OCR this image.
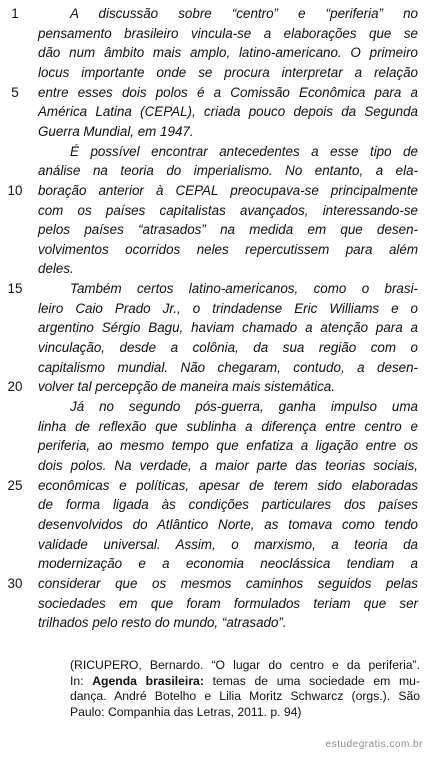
1	A discussão sobre “centro” e “periferia” no
pensamento brasileiro vincula-se a elaborações que se
dão num âmbito mais amplo, latino-americano. O primeiro
locus importante onde se procura interpretar a relação
5	entre esses dois polos é a Comissão Econômica para a
América Latina (CEPAL), criada pouco depois da Segunda
Guerra Mundial, em 1947.
É possível encontrar antecedentes a esse tipo de
análise na teoria do imperialismo. No entanto, a ela-
10	boração anterior à CEPAL preocupava-se principalmente
com os países capitalistas avançados, interessando-se
pelos países “atrasados” na medida em que desen-
volvimentos ocorridos neles repercutissem para além
deles.
15	Também certos latino-americanos, como o brasi-
leiro Caio Prado Jr., o trindadense Eric Williams e o
argentino Sérgio Bagu, haviam chamado a atenção para a
vinculação, desde a colônia, da sua região com o
capitalismo mundial. Não chegaram, contudo, a desen-
20	volver tal percepção de maneira mais sistemática.
Já no segundo pós-guerra, ganha impulso uma
linha de reflexão que sublinha a diferença entre centro e
periferia, ao mesmo tempo que enfatiza a ligação entre os
dois polos. Na verdade, a maior parte das teorias sociais,
25	econômicas e políticas, apesar de terem sido elaboradas
de forma ligada às condições particulares dos países
desenvolvidos do Atlântico Norte, as tomava como tendo
validade universal. Assim, o marxismo, a teoria da
modernização e a economia neoclássica tendiam a
30	considerar que os mesmos caminhos seguidos pelas
sociedades em que foram formulados teriam que ser
trilhados pelo resto do mundo, “atrasado”.
(RICUPERO, Bernardo. “O lugar do centro e da periferia”.
In: Agenda brasileira: temas de uma sociedade em mu-
dança. André Botelho e Lilia Moritz Schwarcz (orgs.). São
Paulo: Companhia das Letras, 2011. p. 94)
estudegratis.com.br
